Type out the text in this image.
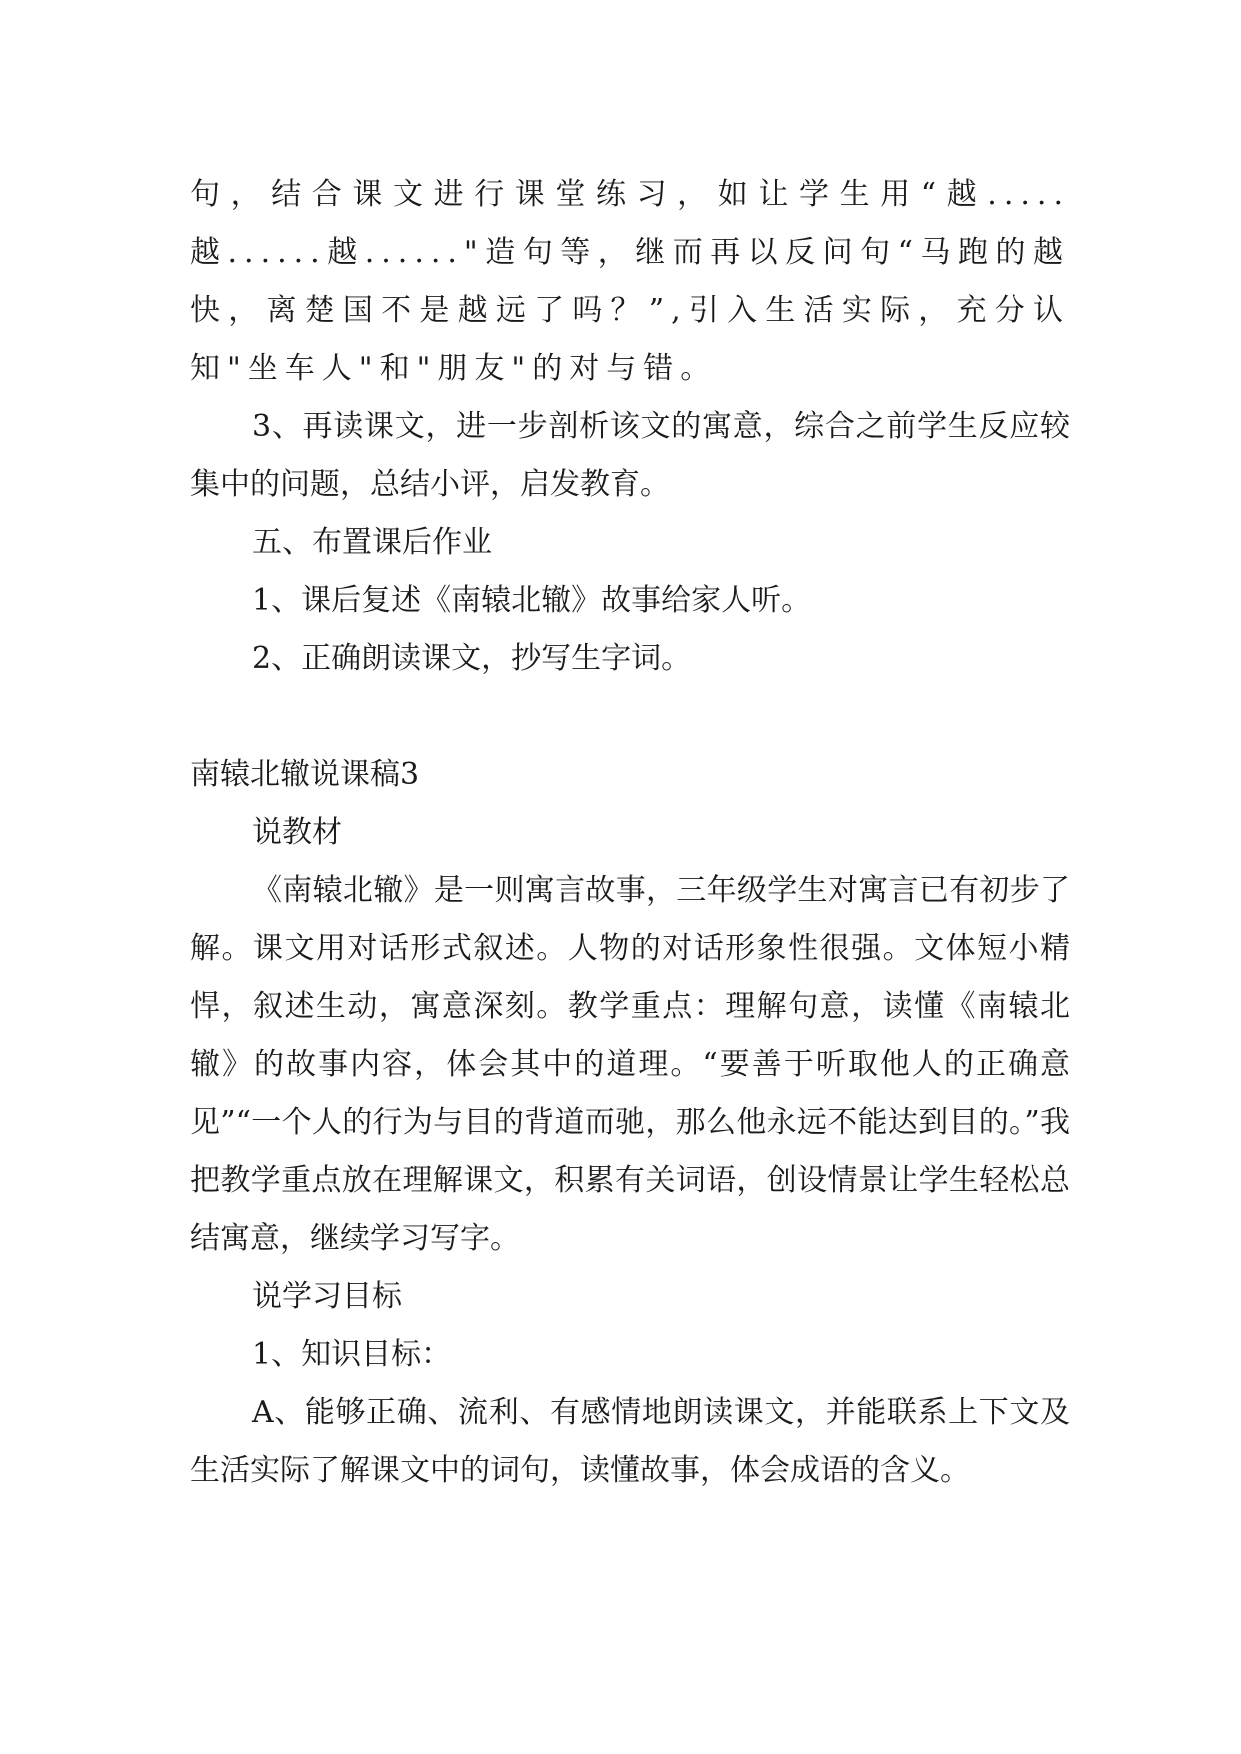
句，结合课文进行课堂练习，如让学生用“越.....越......越......"造句等，继而再以反问句“马跑的越快，离楚国不是越远了吗？”,引入生活实际，充分认知"坐车人"和"朋友"的对与错。

3、再读课文，进一步剖析该文的寓意，综合之前学生反应较集中的问题，总结小评，启发教育。

五、布置课后作业

1、课后复述《南辕北辙》故事给家人听。

2、正确朗读课文，抄写生字词。

南辕北辙说课稿3

说教材

《南辕北辙》是一则寓言故事，三年级学生对寓言已有初步了解。课文用对话形式叙述。人物的对话形象性很强。文体短小精悍，叙述生动，寓意深刻。教学重点：理解句意，读懂《南辕北辙》的故事内容，体会其中的道理。“要善于听取他人的正确意见”“一个人的行为与目的背道而驰，那么他永远不能达到目的。”我把教学重点放在理解课文，积累有关词语，创设情景让学生轻松总结寓意，继续学习写字。

说学习目标

1、知识目标：

A、能够正确、流利、有感情地朗读课文，并能联系上下文及生活实际了解课文中的词句，读懂故事，体会成语的含义。
